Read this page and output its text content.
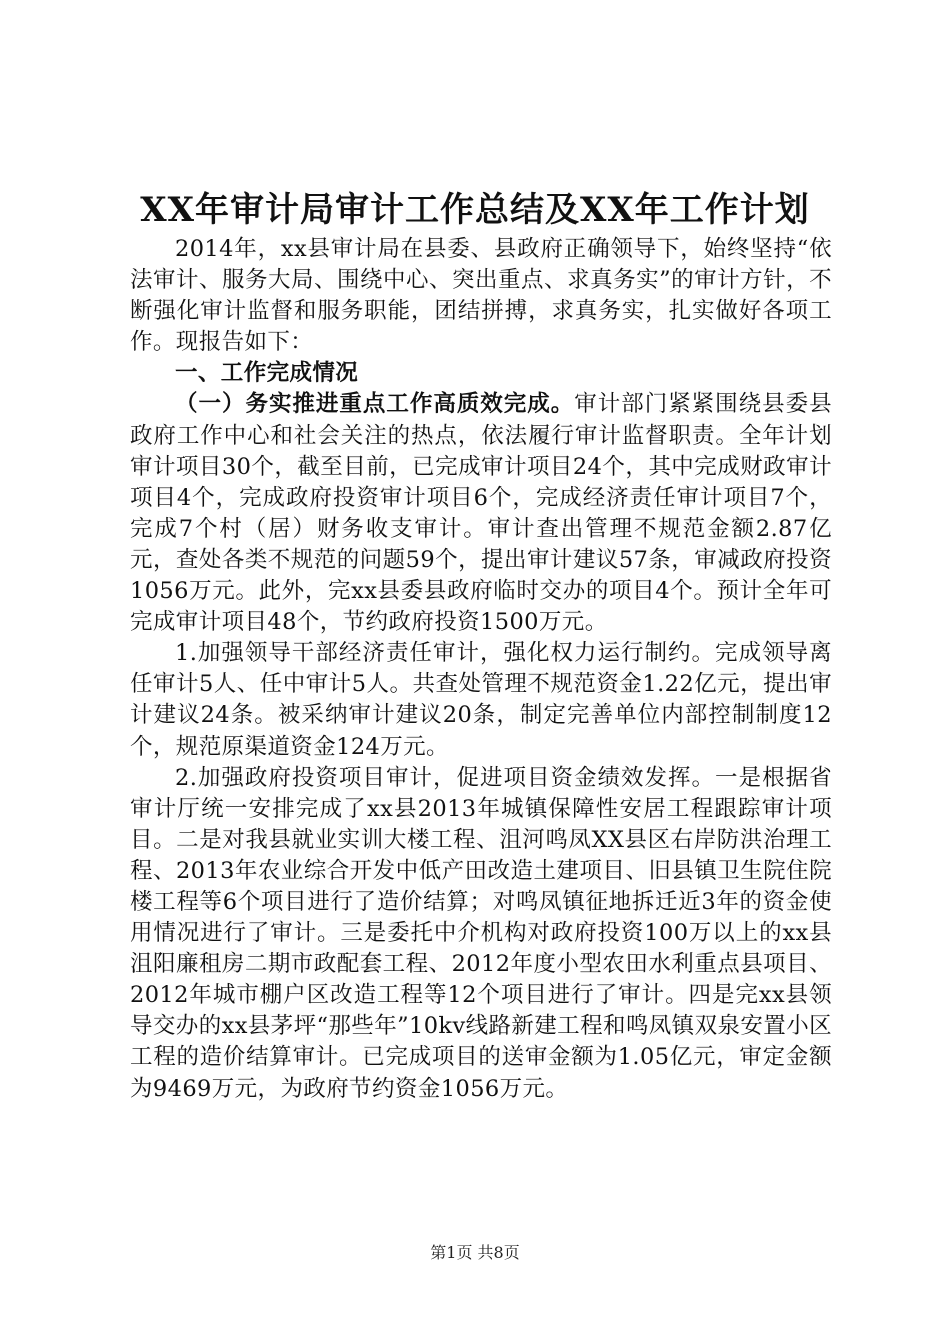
XX年审计局审计工作总结及XX年工作计划

2014年，xx县审计局在县委、县政府正确领导下，始终坚持“依法审计、服务大局、围绕中心、突出重点、求真务实”的审计方针，不断强化审计监督和服务职能，团结拼搏，求真务实，扎实做好各项工作。现报告如下：

一、工作完成情况

（一）务实推进重点工作高质效完成。审计部门紧紧围绕县委县政府工作中心和社会关注的热点，依法履行审计监督职责。全年计划审计项目30个，截至目前，已完成审计项目24个，其中完成财政审计项目4个，完成政府投资审计项目6个，完成经济责任审计项目7个，完成7个村（居）财务收支审计。审计查出管理不规范金额2.87亿元，查处各类不规范的问题59个，提出审计建议57条，审减政府投资1056万元。此外，完xx县委县政府临时交办的项目4个。预计全年可完成审计项目48个，节约政府投资1500万元。

1.加强领导干部经济责任审计，强化权力运行制约。完成领导离任审计5人、任中审计5人。共查处管理不规范资金1.22亿元，提出审计建议24条。被采纳审计建议20条，制定完善单位内部控制制度12个，规范原渠道资金124万元。

2.加强政府投资项目审计，促进项目资金绩效发挥。一是根据省审计厅统一安排完成了xx县2013年城镇保障性安居工程跟踪审计项目。二是对我县就业实训大楼工程、沮河鸣凤XX县区右岸防洪治理工程、2013年农业综合开发中低产田改造土建项目、旧县镇卫生院住院楼工程等6个项目进行了造价结算；对鸣凤镇征地拆迁近3年的资金使用情况进行了审计。三是委托中介机构对政府投资100万以上的xx县沮阳廉租房二期市政配套工程、2012年度小型农田水利重点县项目、2012年城市棚户区改造工程等12个项目进行了审计。四是完xx县领导交办的xx县茅坪“那些年”10kv线路新建工程和鸣凤镇双泉安置小区工程的造价结算审计。已完成项目的送审金额为1.05亿元，审定金额为9469万元，为政府节约资金1056万元。

第1页 共8页
